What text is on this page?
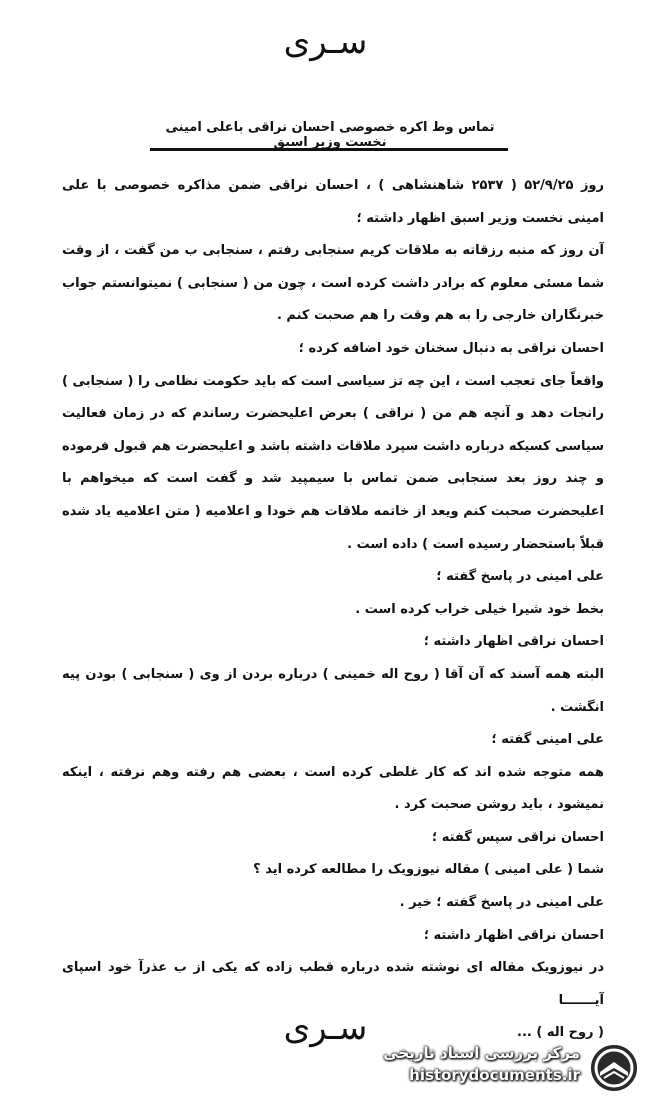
سـری
تماس وط اکره خصوصی احسان نراقی باعلی امینی نخست وزیر اسبق

روز ۵۲/۹/۲۵ ( ۲۵۳۷ شاهنشاهی ) ، احسان نراقی ضمن مذاکره خصوصی با علی امینی نخست وزیر اسبق اظهار داشته ؛

آن روز که منبه رزقاته به ملاقات کریم سنجابی رفتم ، سنجابی ب من گفت ، از وقت شما مسئی معلوم که برادر داشت کرده است ، چون من ( سنجابی ) نمیتوانستم جواب خبرنگاران خارجی را به هم وقت را هم صحبت کنم .

احسان نراقی به دنبال سخنان خود اضافه کرده ؛

واقعاً جای تعجب است ، این چه تز سیاسی است که باید حکومت نظامی را ( سنجابی ) رانجات دهد و آنچه هم من ( نراقی ) بعرض اعلیحضرت رساندم که در زمان فعالیت سیاسی کسیکه درباره داشت سپرد ملاقات داشته باشد و اعلیحضرت هم قبول فرموده و چند روز بعد سنجابی ضمن تماس با سیمپید شد و گفت است که میخواهم با اعلیحضرت صحبت کنم ویعد از خاتمه ملاقات هم خودا و اعلامیه ( متن اعلامیه یاد شده قبلاً باستحضار رسیده است ) داده است .

علی امینی در پاسخ گفته ؛

بخط خود شیرا خیلی خراب کرده است .

احسان نراقی اظهار داشته ؛

البته همه آسند که آن آقا ( روح اله خمینی ) درباره بردن از وی ( سنجابی ) بودن پیه انگشت .

علی امینی گفته ؛

همه متوجه شده اند که کار غلطی کرده است ، بعضی هم رفته وهم نرفته ، اینکه نمیشود ، باید روشن صحبت کرد .

احسان نراقی سپس گفته ؛

شما ( علی امینی ) مقاله نیوزویک را مطالعه کرده اید ؟

علی امینی در پاسخ گفته ؛ خیر .

احسان نراقی اظهار داشته ؛

در نیوزویک مقاله ای نوشته شده درباره قطب زاده که یکی از ب عذرآ خود اسپای آیـــــــا

( روح اله ) ...

سـری
مرکز بررسی اسناد تاریخی
historydocuments.ir
